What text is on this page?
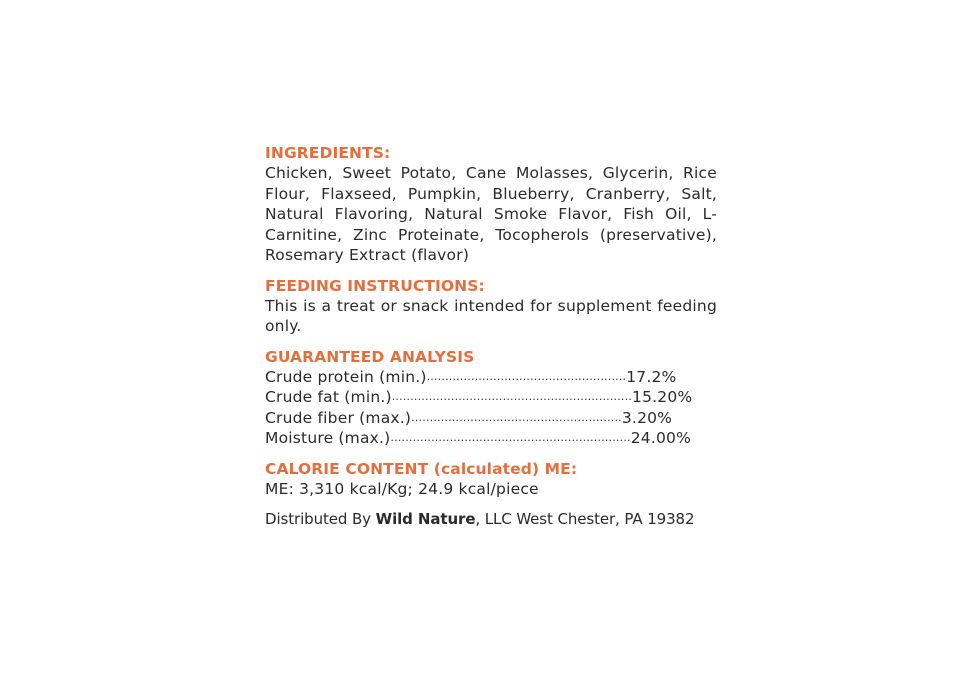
INGREDIENTS:

Chicken, Sweet Potato, Cane Molasses, Glycerin, Rice Flour, Flaxseed, Pumpkin, Blueberry, Cranberry, Salt, Natural Flavoring, Natural Smoke Flavor, Fish Oil, L-Carnitine, Zinc Proteinate, Tocopherols (preservative), Rosemary Extract (flavor)

FEEDING INSTRUCTIONS:

This is a treat or snack intended for supplement feeding only.

GUARANTEED ANALYSIS

Crude protein (min.) ...................................................... 17.2%
Crude fat (min.) ................................................................. 15.20%
Crude fiber (max.) ......................................................... 3.20%
Moisture (max.) ................................................................. 24.00%

CALORIE CONTENT (calculated) ME:

ME: 3,310 kcal/Kg; 24.9 kcal/piece

Distributed By Wild Nature, LLC West Chester, PA 19382
